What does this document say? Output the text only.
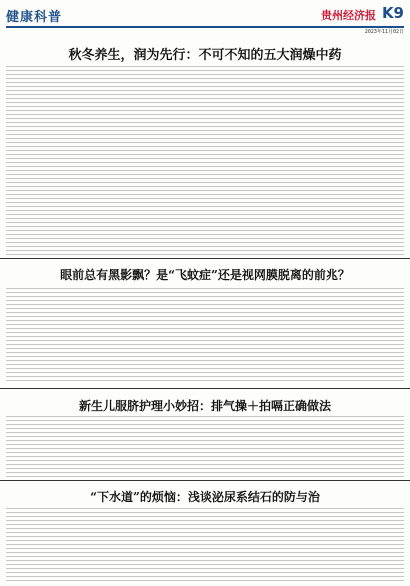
健康科普	贵州经济报 K9
2023年11月02日
秋冬养生，润为先行：不可不知的五大润燥中药
眼前总有黑影飘？是“飞蚊症”还是视网膜脱离的前兆？
新生儿服脐护理小妙招：排气操＋拍嗝正确做法
“下水道”的烦恼：浅谈泌尿系结石的防与治
